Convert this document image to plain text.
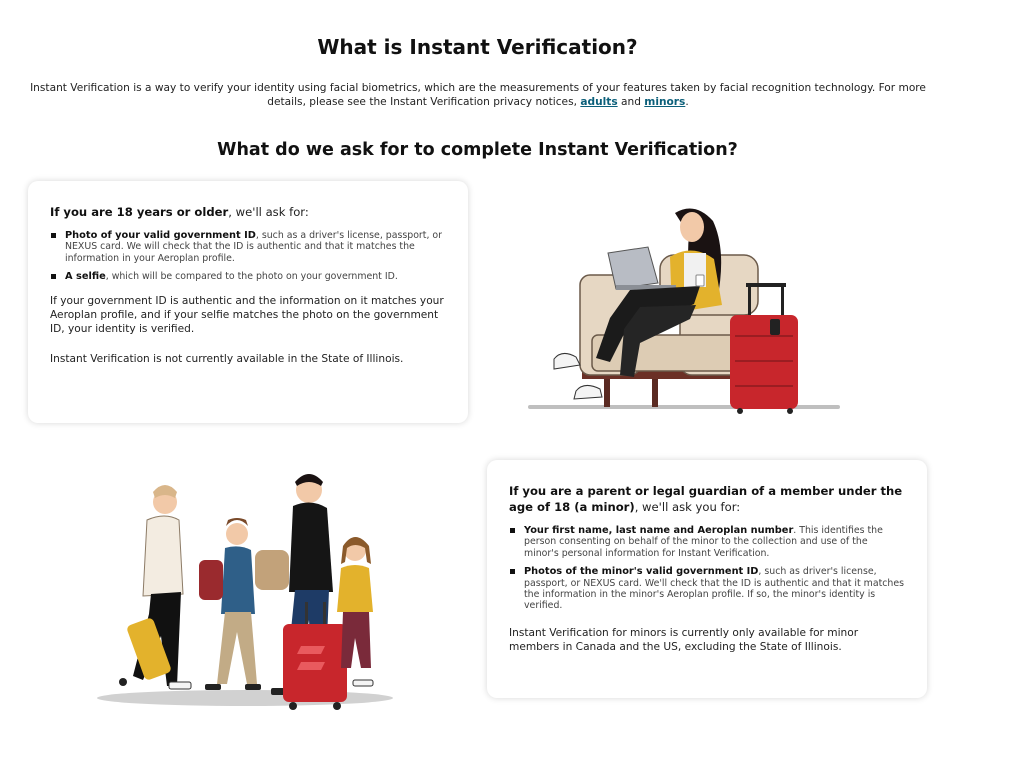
What is Instant Verification?

Instant Verification is a way to verify your identity using facial biometrics, which are the measurements of your features taken by facial recognition technology. For more details, please see the Instant Verification privacy notices, adults and minors.

What do we ask for to complete Instant Verification?

If you are 18 years or older, we'll ask for:

Photo of your valid government ID, such as a driver's license, passport, or NEXUS card. We will check that the ID is authentic and that it matches the information in your Aeroplan profile.
A selfie, which will be compared to the photo on your government ID.

If your government ID is authentic and the information on it matches your Aeroplan profile, and if your selfie matches the photo on the government ID, your identity is verified.

Instant Verification is not currently available in the State of Illinois.

If you are a parent or legal guardian of a member under the age of 18 (a minor), we'll ask you for:

Your first name, last name and Aeroplan number. This identifies the person consenting on behalf of the minor to the collection and use of the minor's personal information for Instant Verification.
Photos of the minor's valid government ID, such as driver's license, passport, or NEXUS card. We'll check that the ID is authentic and that it matches the information in the minor's Aeroplan profile. If so, the minor's identity is verified.

Instant Verification for minors is currently only available for minor members in Canada and the US, excluding the State of Illinois.
